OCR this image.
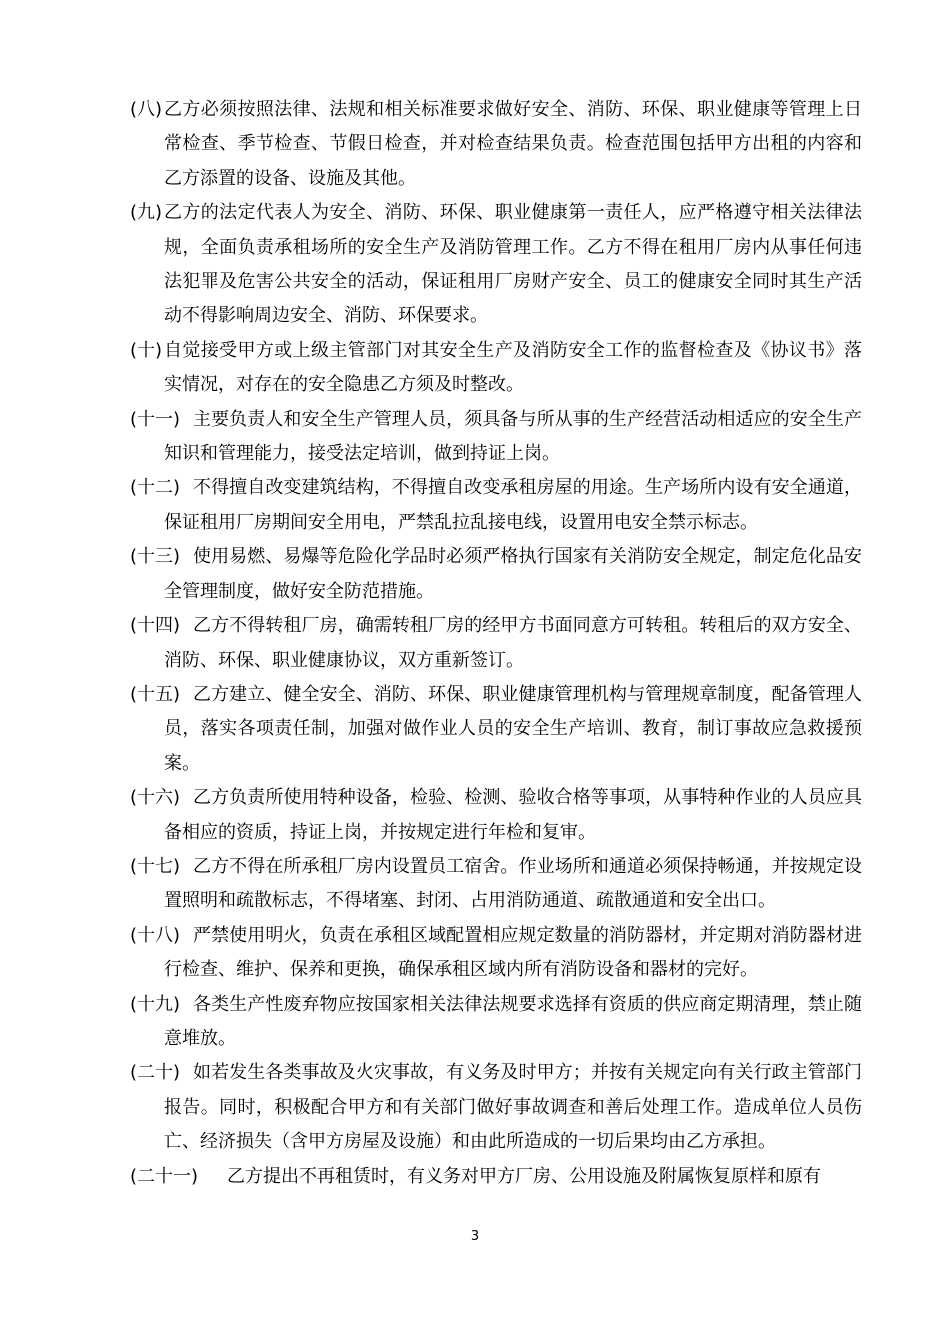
(八) 乙方必须按照法律、法规和相关标准要求做好安全、消防、环保、职业健康等管理上日常检查、季节检查、节假日检查，并对检查结果负责。检查范围包括甲方出租的内容和乙方添置的设备、设施及其他。
(九) 乙方的法定代表人为安全、消防、环保、职业健康第一责任人，应严格遵守相关法律法规，全面负责承租场所的安全生产及消防管理工作。乙方不得在租用厂房内从事任何违法犯罪及危害公共安全的活动，保证租用厂房财产安全、员工的健康安全同时其生产活动不得影响周边安全、消防、环保要求。
(十) 自觉接受甲方或上级主管部门对其安全生产及消防安全工作的监督检查及《协议书》落实情况，对存在的安全隐患乙方须及时整改。
(十一) 主要负责人和安全生产管理人员，须具备与所从事的生产经营活动相适应的安全生产知识和管理能力，接受法定培训，做到持证上岗。
(十二) 不得擅自改变建筑结构，不得擅自改变承租房屋的用途。生产场所内设有安全通道，保证租用厂房期间安全用电，严禁乱拉乱接电线，设置用电安全禁示标志。
(十三) 使用易燃、易爆等危险化学品时必须严格执行国家有关消防安全规定，制定危化品安全管理制度，做好安全防范措施。
(十四) 乙方不得转租厂房，确需转租厂房的经甲方书面同意方可转租。转租后的双方安全、消防、环保、职业健康协议，双方重新签订。
(十五) 乙方建立、健全安全、消防、环保、职业健康管理机构与管理规章制度，配备管理人员，落实各项责任制，加强对做作业人员的安全生产培训、教育，制订事故应急救援预案。
(十六) 乙方负责所使用特种设备，检验、检测、验收合格等事项，从事特种作业的人员应具备相应的资质，持证上岗，并按规定进行年检和复审。
(十七) 乙方不得在所承租厂房内设置员工宿舍。作业场所和通道必须保持畅通，并按规定设置照明和疏散标志，不得堵塞、封闭、占用消防通道、疏散通道和安全出口。
(十八) 严禁使用明火，负责在承租区域配置相应规定数量的消防器材，并定期对消防器材进行检查、维护、保养和更换，确保承租区域内所有消防设备和器材的完好。
(十九) 各类生产性废弃物应按国家相关法律法规要求选择有资质的供应商定期清理，禁止随意堆放。
(二十) 如若发生各类事故及火灾事故，有义务及时甲方；并按有关规定向有关行政主管部门报告。同时，积极配合甲方和有关部门做好事故调查和善后处理工作。造成单位人员伤亡、经济损失（含甲方房屋及设施）和由此所造成的一切后果均由乙方承担。
(二十一)	乙方提出不再租赁时，有义务对甲方厂房、公用设施及附属恢复原样和原有
3
